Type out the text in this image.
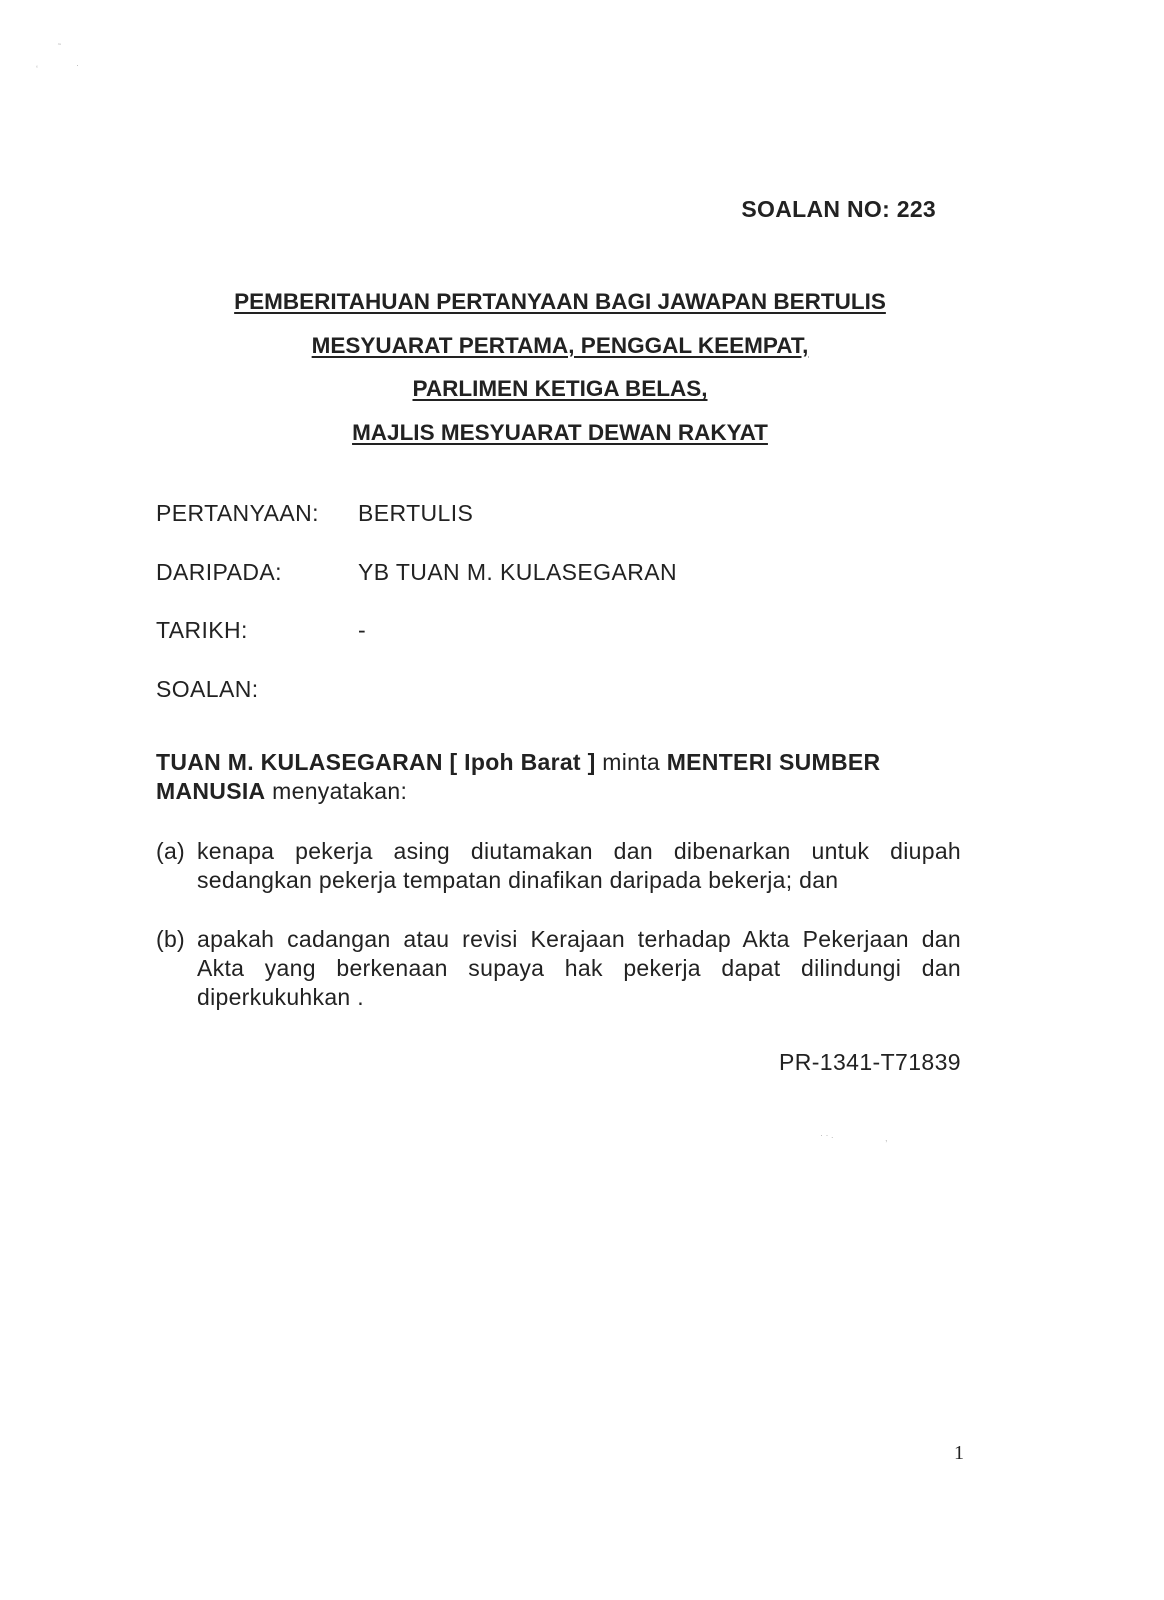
˜
‘	·
· · .	,
SOALAN NO: 223
PEMBERITAHUAN PERTANYAAN BAGI JAWAPAN BERTULIS
MESYUARAT PERTAMA, PENGGAL KEEMPAT,
PARLIMEN KETIGA BELAS,
MAJLIS MESYUARAT DEWAN RAKYAT
PERTANYAAN: BERTULIS
DARIPADA:	YB TUAN M. KULASEGARAN
TARIKH:	-
SOALAN:
TUAN M. KULASEGARAN [ Ipoh Barat ] minta MENTERI SUMBER MANUSIA menyatakan:
(a) kenapa pekerja asing diutamakan dan dibenarkan untuk diupah sedangkan pekerja tempatan dinafikan daripada bekerja; dan
(b) apakah cadangan atau revisi Kerajaan terhadap Akta Pekerjaan dan Akta yang berkenaan supaya hak pekerja dapat dilindungi dan diperkukuhkan .
PR-1341-T71839
1
